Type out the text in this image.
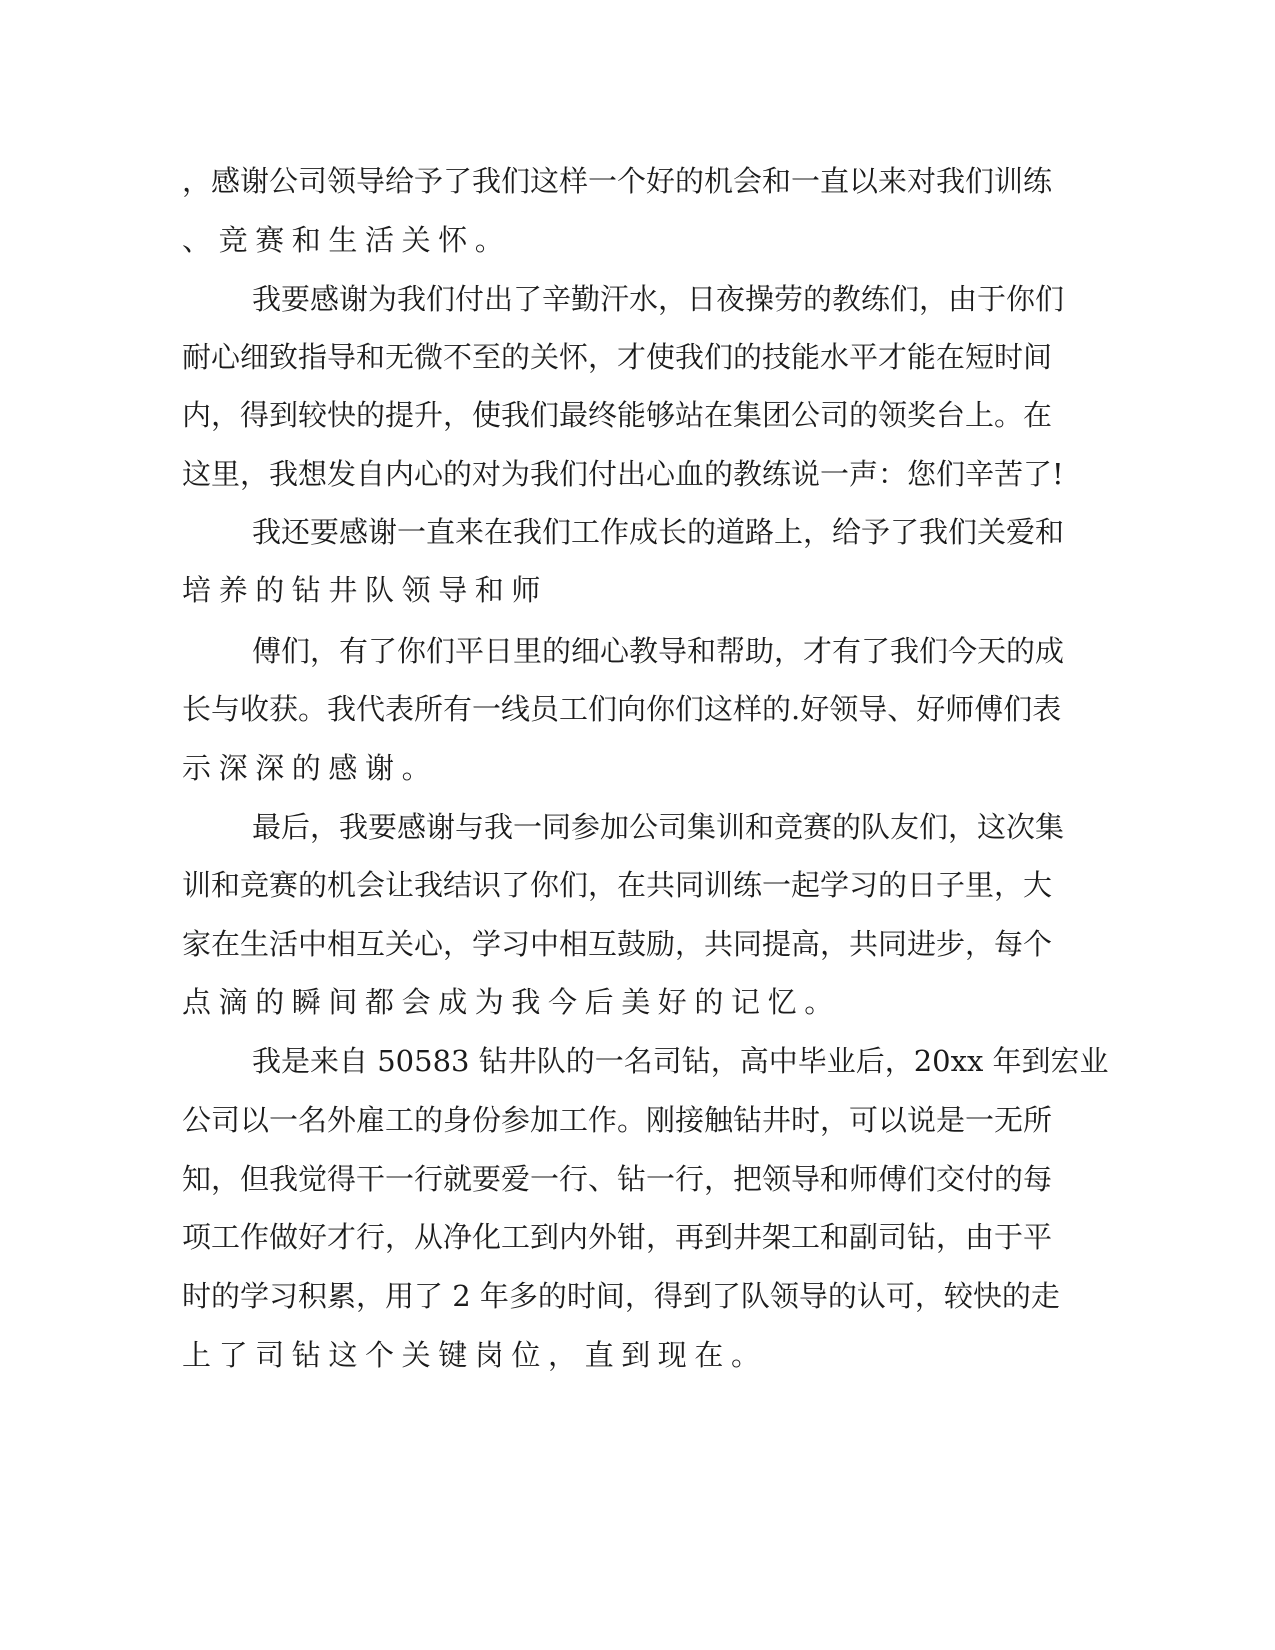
，感谢公司领导给予了我们这样一个好的机会和一直以来对我们训练
、竞赛和生活关怀。
我要感谢为我们付出了辛勤汗水，日夜操劳的教练们，由于你们
耐心细致指导和无微不至的关怀，才使我们的技能水平才能在短时间
内，得到较快的提升，使我们最终能够站在集团公司的领奖台上。在
这里，我想发自内心的对为我们付出心血的教练说一声：您们辛苦了!
我还要感谢一直来在我们工作成长的道路上，给予了我们关爱和
培养的钻井队领导和师
傅们，有了你们平日里的细心教导和帮助，才有了我们今天的成
长与收获。我代表所有一线员工们向你们这样的.好领导、好师傅们表
示深深的感谢。
最后，我要感谢与我一同参加公司集训和竞赛的队友们，这次集
训和竞赛的机会让我结识了你们，在共同训练一起学习的日子里，大
家在生活中相互关心，学习中相互鼓励，共同提高，共同进步，每个
点滴的瞬间都会成为我今后美好的记忆。
我是来自 50583 钻井队的一名司钻，高中毕业后，20xx 年到宏业
公司以一名外雇工的身份参加工作。刚接触钻井时，可以说是一无所
知，但我觉得干一行就要爱一行、钻一行，把领导和师傅们交付的每
项工作做好才行，从净化工到内外钳，再到井架工和副司钻，由于平
时的学习积累，用了 2 年多的时间，得到了队领导的认可，较快的走
上了司钻这个关键岗位，直到现在。
